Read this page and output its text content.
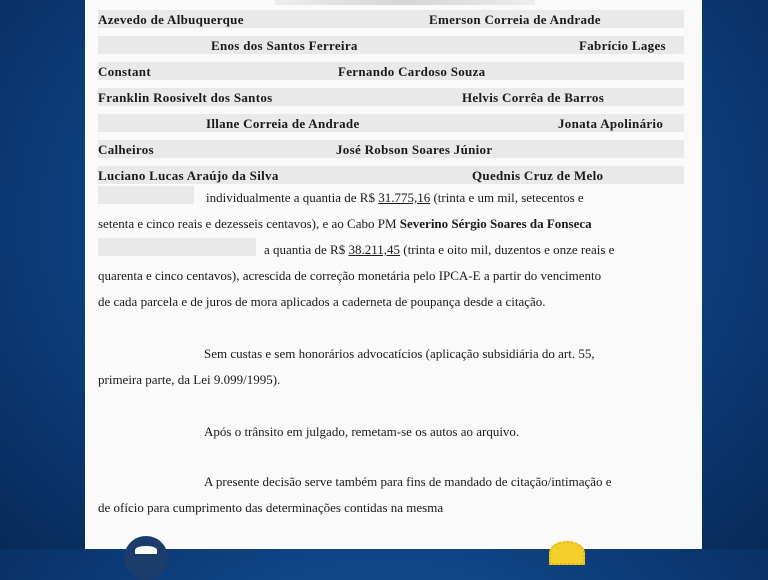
Azevedo de Albuquerque	Emerson Correia de Andrade
Enos dos Santos Ferreira	Fabrício Lages
Constant	Fernando Cardoso Souza
Franklin Roosivelt dos Santos	Helvis Corrêa de Barros
Illane Correia de Andrade	Jonata Apolinário
Calheiros	José Robson Soares Júnior
Luciano Lucas Araújo da Silva	Quednis Cruz de Melo
individualmente a quantia de R$ 31.775,16 (trinta e um mil, setecentos e
setenta e cinco reais e dezesseis centavos), e ao Cabo PM Severino Sérgio Soares da Fonseca
a quantia de R$ 38.211,45 (trinta e oito mil, duzentos e onze reais e
quarenta e cinco centavos), acrescida de correção monetária pelo IPCA-E a partir do vencimento
de cada parcela e de juros de mora aplicados a caderneta de poupança desde a citação.
Sem custas e sem honorários advocatícios (aplicação subsidiária do art. 55,
primeira parte, da Lei 9.099/1995).
Após o trânsito em julgado, remetam-se os autos ao arquivo.
A presente decisão serve também para fins de mandado de citação/intimação e
de ofício para cumprimento das determinações contidas na mesma
